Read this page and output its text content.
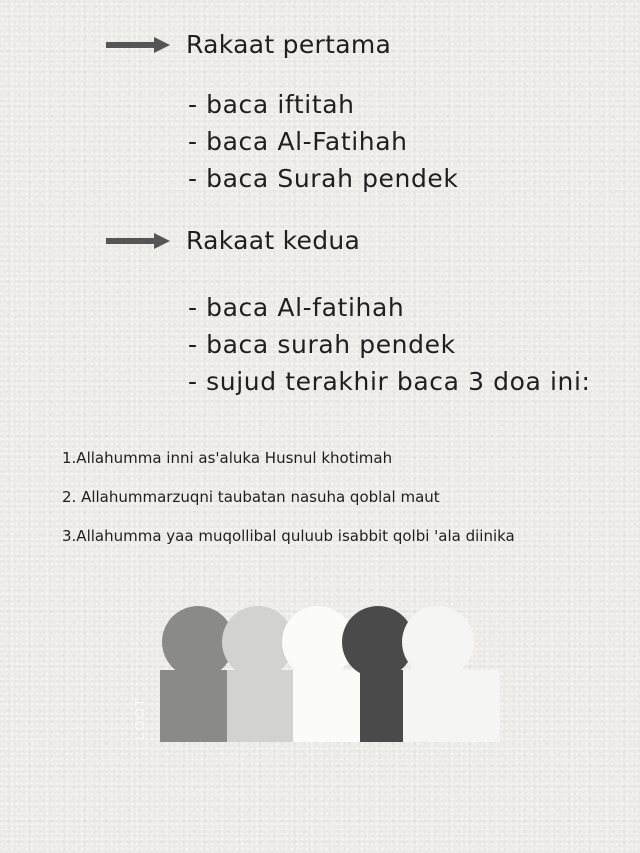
Rakaat pertama
- baca iftitah
- baca Al-Fatihah
- baca Surah pendek
Rakaat kedua
- baca Al-fatihah
- baca surah pendek
- sujud terakhir baca 3 doa ini:
1.Allahumma inni as'aluka Husnul khotimah
2. Allahummarzuqni taubatan nasuha qoblal maut
3.Allahumma yaa muqollibal quluub isabbit qolbi 'ala diinika
LOOT
